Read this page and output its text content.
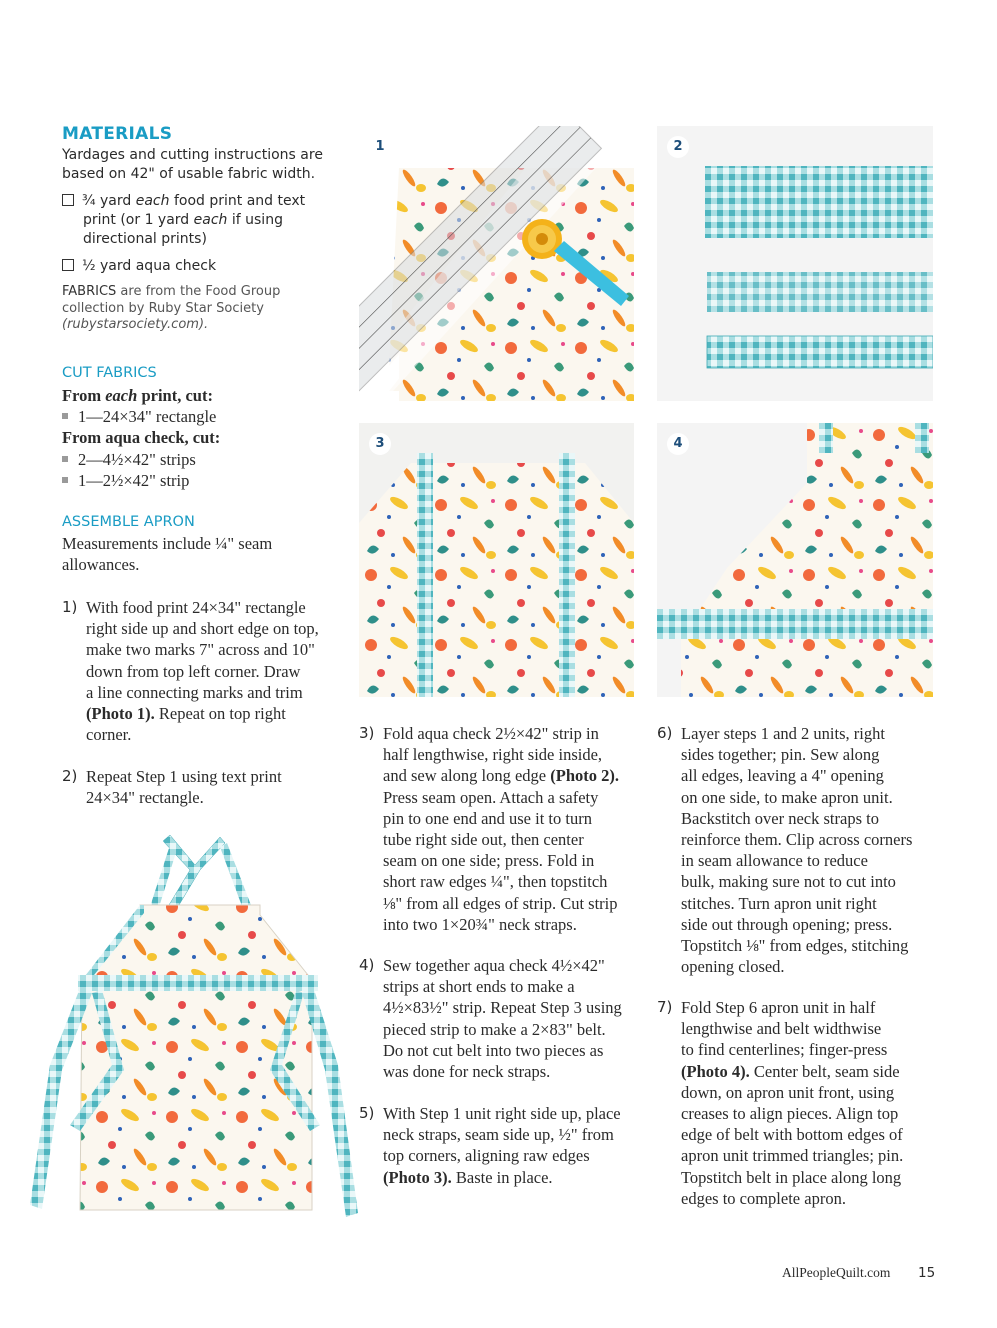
MATERIALS
Yardages and cutting instructions are
based on 42" of usable fabric width.
¾ yard each food print and text
print (or 1 yard each if using
directional prints)
½ yard aqua check
FABRICS are from the Food Group
collection by Ruby Star Society
(rubystarsociety.com).
CUT FABRICS
From each print, cut:
1—24×34" rectangle
From aqua check, cut:
2—4½×42" strips
1—2½×42" strip
ASSEMBLE APRON
Measurements include ¼" seam
allowances.
1) With food print 24×34" rectangle
right side up and short edge on top,
make two marks 7" across and 10"
down from top left corner. Draw
a line connecting marks and trim
(Photo 1). Repeat on top right
corner.
2) Repeat Step 1 using text print
24×34" rectangle.
1	2
3	4
3) Fold aqua check 2½×42" strip in
half lengthwise, right side inside,
and sew along long edge (Photo 2).
Press seam open. Attach a safety
pin to one end and use it to turn
tube right side out, then center
seam on one side; press. Fold in
short raw edges ¼", then topstitch
⅛" from all edges of strip. Cut strip
into two 1×20¾" neck straps.
4) Sew together aqua check 4½×42"
strips at short ends to make a
4½×83½" strip. Repeat Step 3 using
pieced strip to make a 2×83" belt.
Do not cut belt into two pieces as
was done for neck straps.
5) With Step 1 unit right side up, place
neck straps, seam side up, ½" from
top corners, aligning raw edges
(Photo 3). Baste in place.
6) Layer steps 1 and 2 units, right
sides together; pin. Sew along
all edges, leaving a 4" opening
on one side, to make apron unit.
Backstitch over neck straps to
reinforce them. Clip across corners
in seam allowance to reduce
bulk, making sure not to cut into
stitches. Turn apron unit right
side out through opening; press.
Topstitch ⅛" from edges, stitching
opening closed.
7) Fold Step 6 apron unit in half
lengthwise and belt widthwise
to find centerlines; finger-press
(Photo 4). Center belt, seam side
down, on apron unit front, using
creases to align pieces. Align top
edge of belt with bottom edges of
apron unit trimmed triangles; pin.
Topstitch belt in place along long
edges to complete apron.
AllPeopleQuilt.com 15
